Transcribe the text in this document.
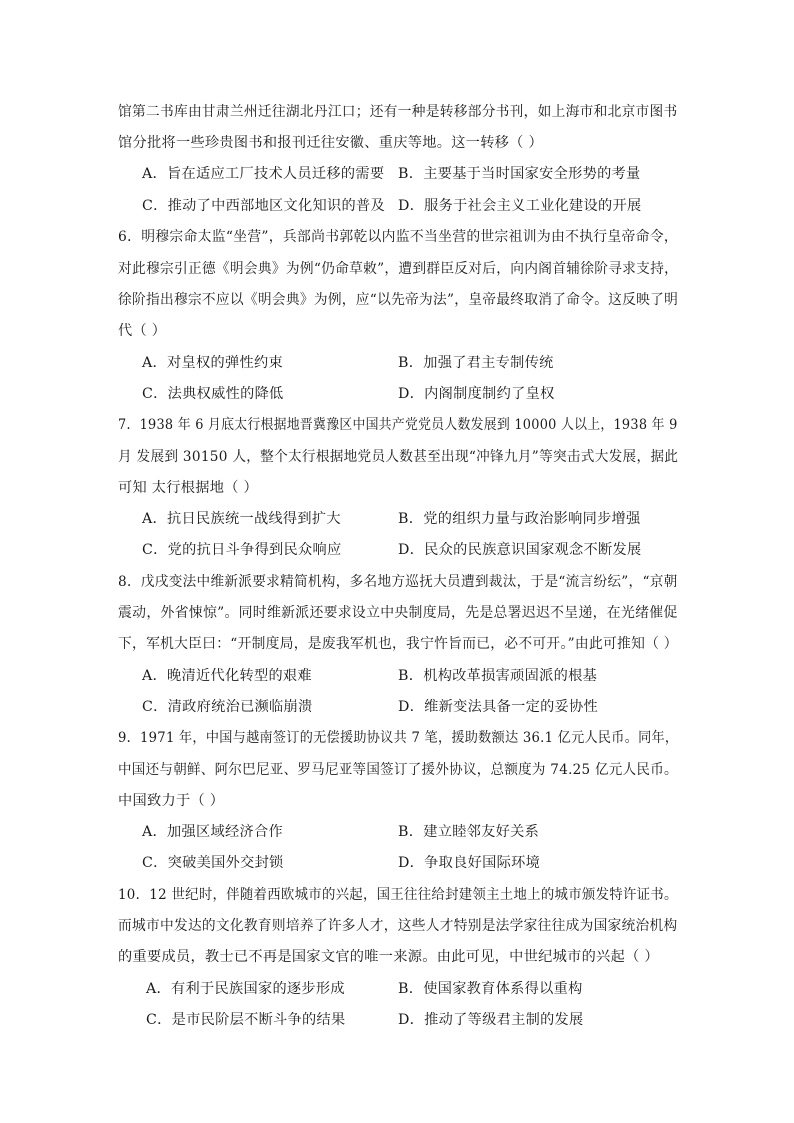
馆第二书库由甘肃兰州迁往湖北丹江口；还有一种是转移部分书刊，如上海市和北京市图书
馆分批将一些珍贵图书和报刊迁往安徽、重庆等地。这一转移（ ）
A．旨在适应工厂技术人员迁移的需要 B．主要基于当时国家安全形势的考量
C．推动了中西部地区文化知识的普及 D．服务于社会主义工业化建设的开展
6．明穆宗命太监“坐营”，兵部尚书郭乾以内监不当坐营的世宗祖训为由不执行皇帝命令，
对此穆宗引正德《明会典》为例“仍命草敕”，遭到群臣反对后，向内阁首辅徐阶寻求支持，
徐阶指出穆宗不应以《明会典》为例，应“以先帝为法”，皇帝最终取消了命令。这反映了明
代（ ）
A．对皇权的弹性约束	B．加强了君主专制传统
C．法典权威性的降低	D．内阁制度制约了皇权
7．1938 年 6 月底太行根据地晋冀豫区中国共产党党员人数发展到 10000 人以上，1938 年 9
月 发展到 30150 人，整个太行根据地党员人数甚至出现“冲锋九月”等突击式大发展，据此
可知 太行根据地（ ）
A．抗日民族统一战线得到扩大	B．党的组织力量与政治影响同步增强
C．党的抗日斗争得到民众响应	D．民众的民族意识国家观念不断发展
8．戊戌变法中维新派要求精简机构，多名地方巡抚大员遭到裁汰，于是“流言纷纭”，“京朝
震动，外省悚惊”。同时维新派还要求设立中央制度局，先是总署迟迟不呈递，在光绪催促
下，军机大臣曰：“开制度局，是废我军机也，我宁忤旨而已，必不可开。”由此可推知（ ）
A．晚清近代化转型的艰难	B．机构改革损害顽固派的根基
C．清政府统治已濒临崩溃	D．维新变法具备一定的妥协性
9．1971 年，中国与越南签订的无偿援助协议共 7 笔，援助数额达 36.1 亿元人民币。同年，
中国还与朝鲜、阿尔巴尼亚、罗马尼亚等国签订了援外协议，总额度为 74.25 亿元人民币。
中国致力于（ ）
A．加强区域经济合作	B．建立睦邻友好关系
C．突破美国外交封锁	D．争取良好国际环境
10．12 世纪时，伴随着西欧城市的兴起，国王往往给封建领主土地上的城市颁发特许证书。
而城市中发达的文化教育则培养了许多人才，这些人才特别是法学家往往成为国家统治机构
的重要成员，教士已不再是国家文官的唯一来源。由此可见，中世纪城市的兴起（ ）
A．有利于民族国家的逐步形成	B．使国家教育体系得以重构
C．是市民阶层不断斗争的结果	D．推动了等级君主制的发展
